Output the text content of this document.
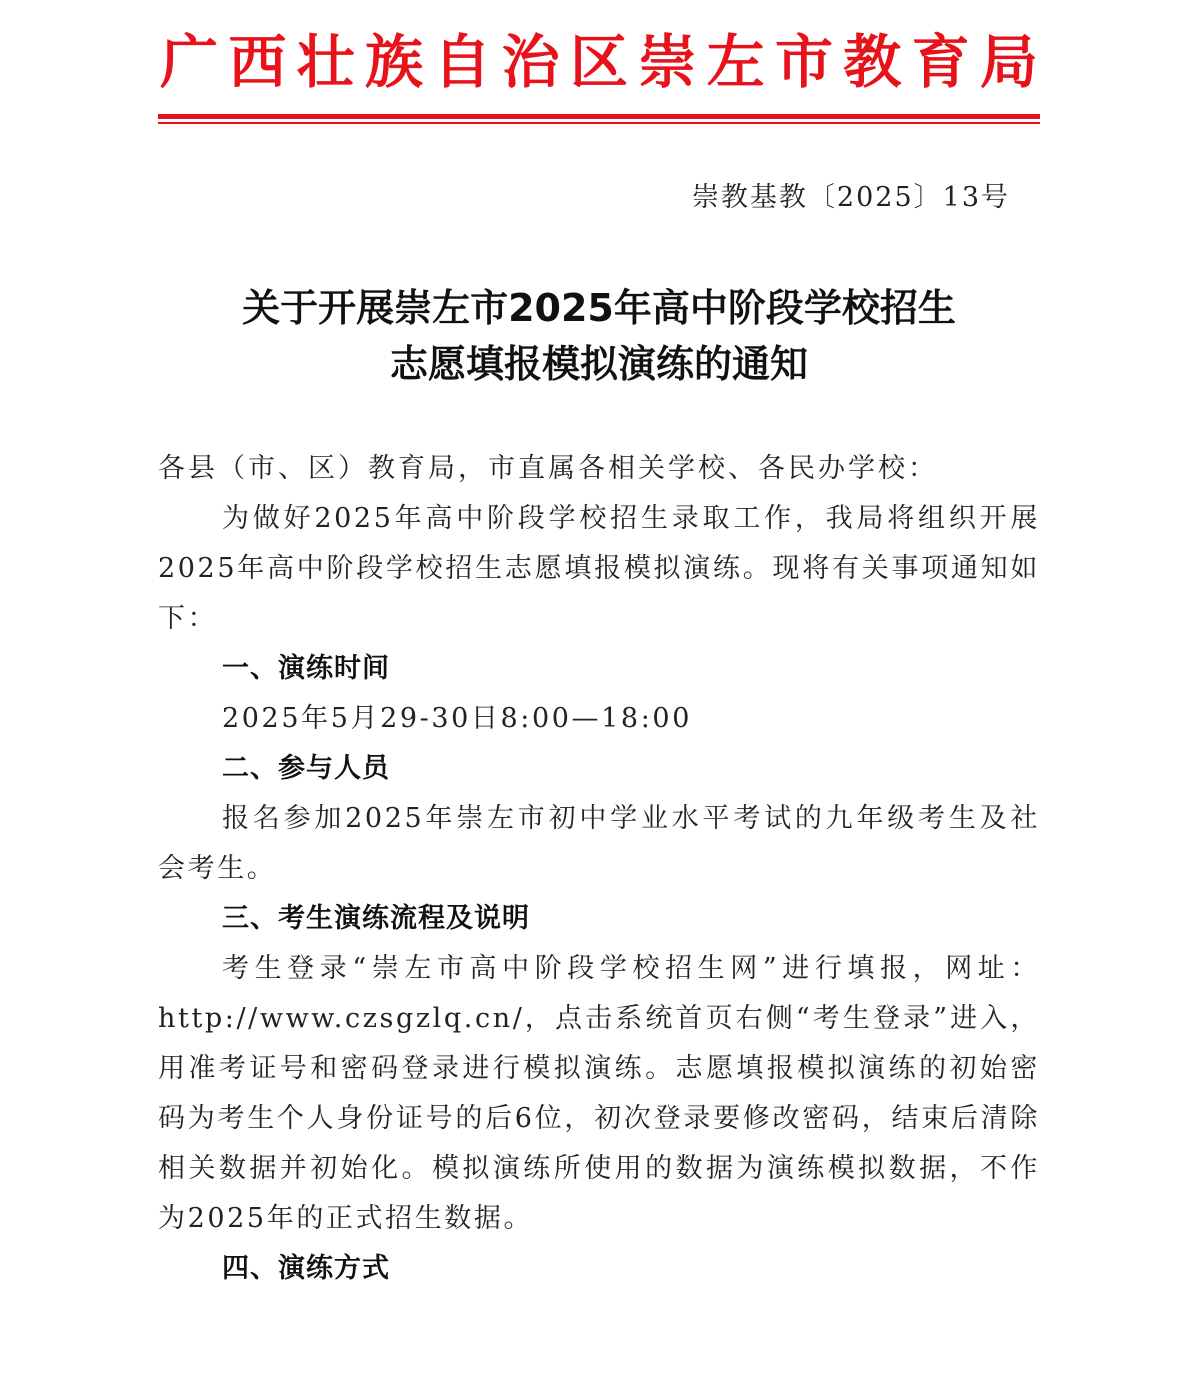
广 西 壮 族 自 治 区 崇 左 市 教 育 局
崇教基教〔2025〕13号
关于开展崇左市2025年高中阶段学校招生
志愿填报模拟演练的通知

各县（市、区）教育局，市直属各相关学校、各民办学校：

为做好2025年高中阶段学校招生录取工作，我局将组织开展2025年高中阶段学校招生志愿填报模拟演练。现将有关事项通知如下：

一、演练时间

2025年5月29-30日8:00—18:00

二、参与人员

报名参加2025年崇左市初中学业水平考试的九年级考生及社会考生。

三、考生演练流程及说明

考生登录“崇左市高中阶段学校招生网”进行填报，网址：http://www.czsgzlq.cn/，点击系统首页右侧“考生登录”进入，用准考证号和密码登录进行模拟演练。志愿填报模拟演练的初始密码为考生个人身份证号的后6位，初次登录要修改密码，结束后清除相关数据并初始化。模拟演练所使用的数据为演练模拟数据，不作为2025年的正式招生数据。

四、演练方式
